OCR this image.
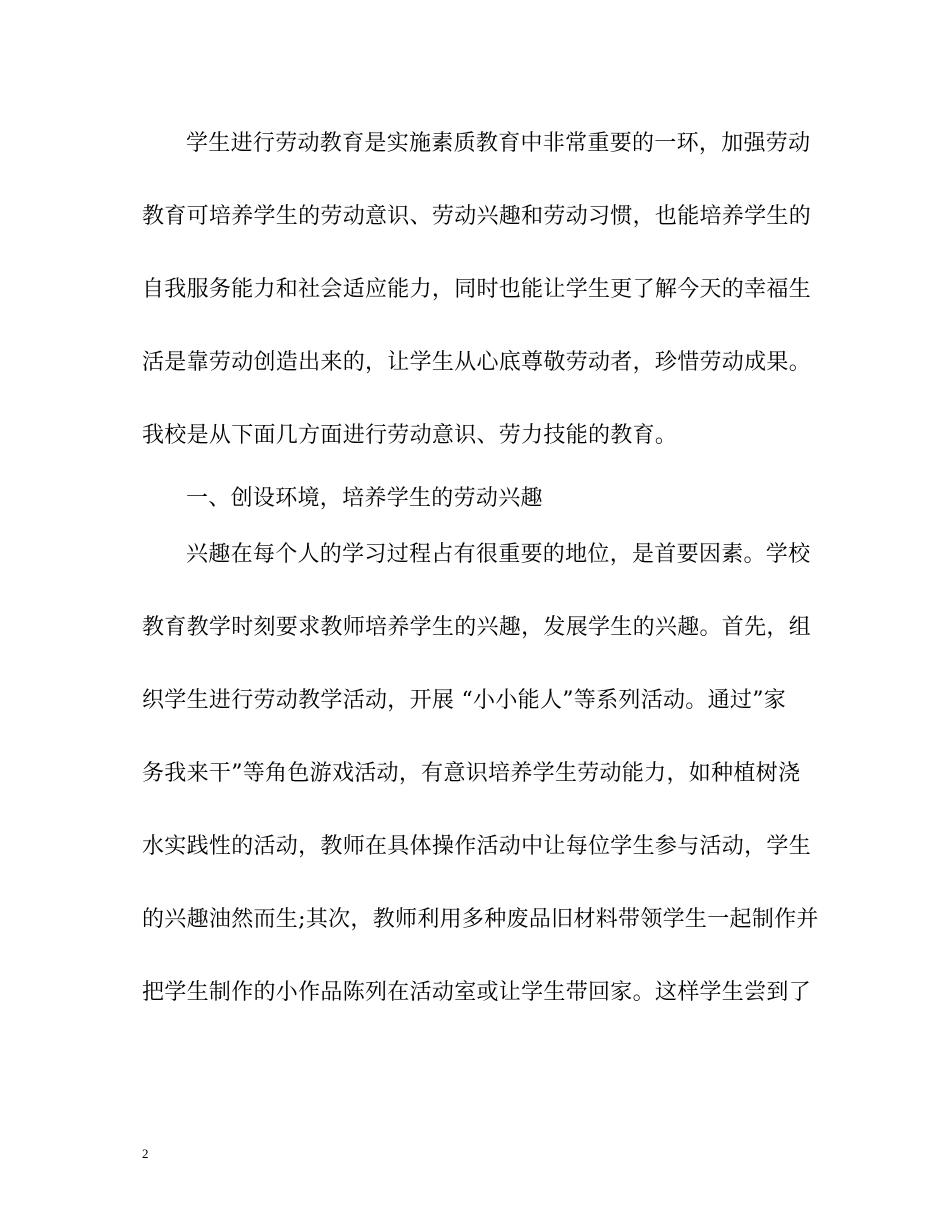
学生进行劳动教育是实施素质教育中非常重要的一环，加强劳动
教育可培养学生的劳动意识、劳动兴趣和劳动习惯，也能培养学生的
自我服务能力和社会适应能力，同时也能让学生更了解今天的幸福生
活是靠劳动创造出来的，让学生从心底尊敬劳动者，珍惜劳动成果。
我校是从下面几方面进行劳动意识、劳力技能的教育。
一、创设环境，培养学生的劳动兴趣
兴趣在每个人的学习过程占有很重要的地位，是首要因素。学校
教育教学时刻要求教师培养学生的兴趣，发展学生的兴趣。首先，组
织学生进行劳动教学活动，开展 “小小能人”等系列活动。通过”家
务我来干”等角色游戏活动，有意识培养学生劳动能力，如种植树浇
水实践性的活动，教师在具体操作活动中让每位学生参与活动，学生
的兴趣油然而生;其次，教师利用多种废品旧材料带领学生一起制作并
把学生制作的小作品陈列在活动室或让学生带回家。这样学生尝到了
2
